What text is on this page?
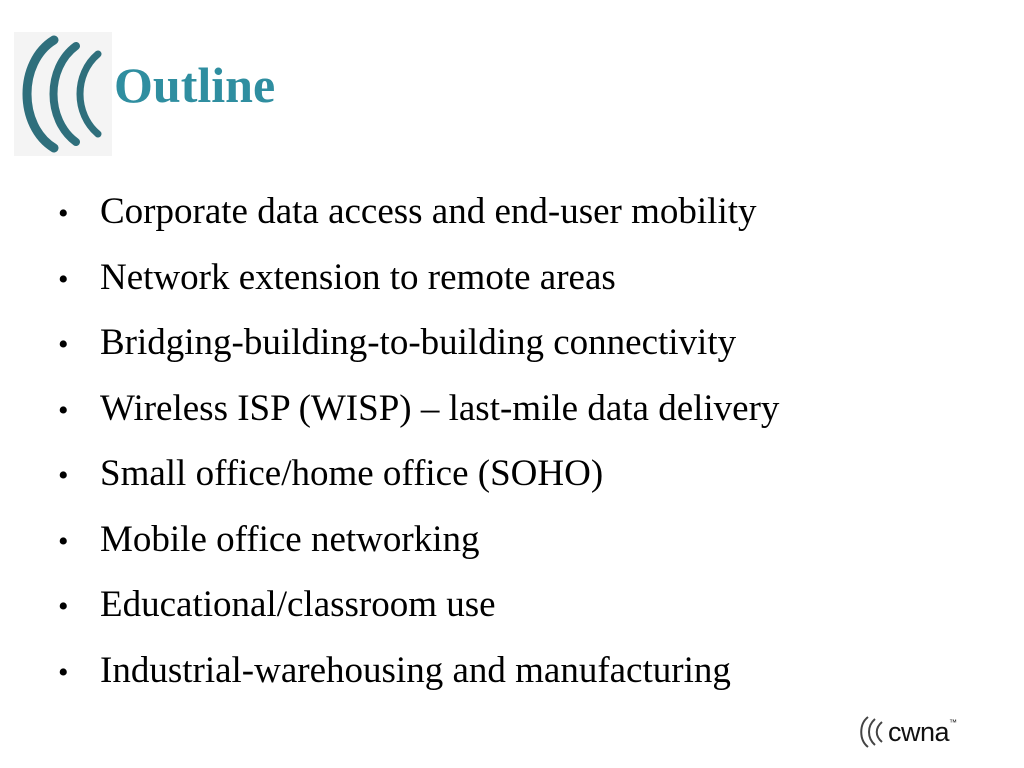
Outline
• Corporate data access and end-user mobility
• Network extension to remote areas
• Bridging-building-to-building connectivity
• Wireless ISP (WISP) – last-mile data delivery
• Small office/home office (SOHO)
• Mobile office networking
• Educational/classroom use
• Industrial-warehousing and manufacturing
cwna ™
